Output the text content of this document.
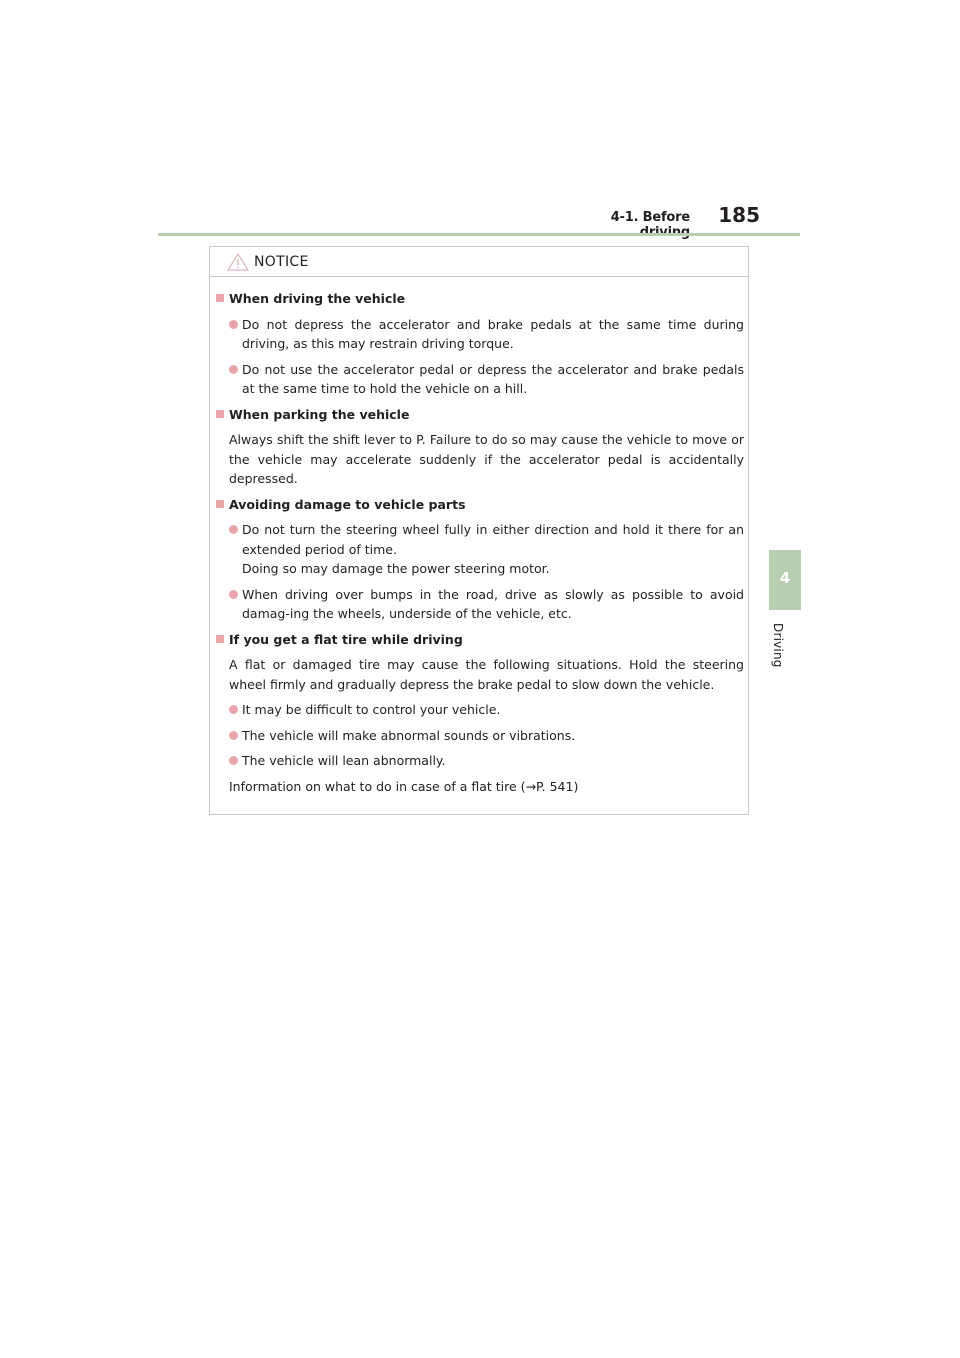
4-1. Before	185
4
Driving
NOTICE
When driving the vehicle
Do not depress the accelerator and brake pedals at the same time during driving, as this may restrain driving torque.
Do not use the accelerator pedal or depress the accelerator and brake pedals at the same time to hold the vehicle on a hill.
When parking the vehicle
Always shift the shift lever to P. Failure to do so may cause the vehicle to move or the vehicle may accelerate suddenly if the accelerator pedal is accidentally depressed.
Avoiding damage to vehicle parts
Do not turn the steering wheel fully in either direction and hold it there for an extended period of time.
Doing so may damage the power steering motor.
When driving over bumps in the road, drive as slowly as possible to avoid damag-ing the wheels, underside of the vehicle, etc.
If you get a flat tire while driving
A flat or damaged tire may cause the following situations. Hold the steering wheel firmly and gradually depress the brake pedal to slow down the vehicle.
It may be difficult to control your vehicle.
The vehicle will make abnormal sounds or vibrations.
The vehicle will lean abnormally.
Information on what to do in case of a flat tire (→P. 541)
